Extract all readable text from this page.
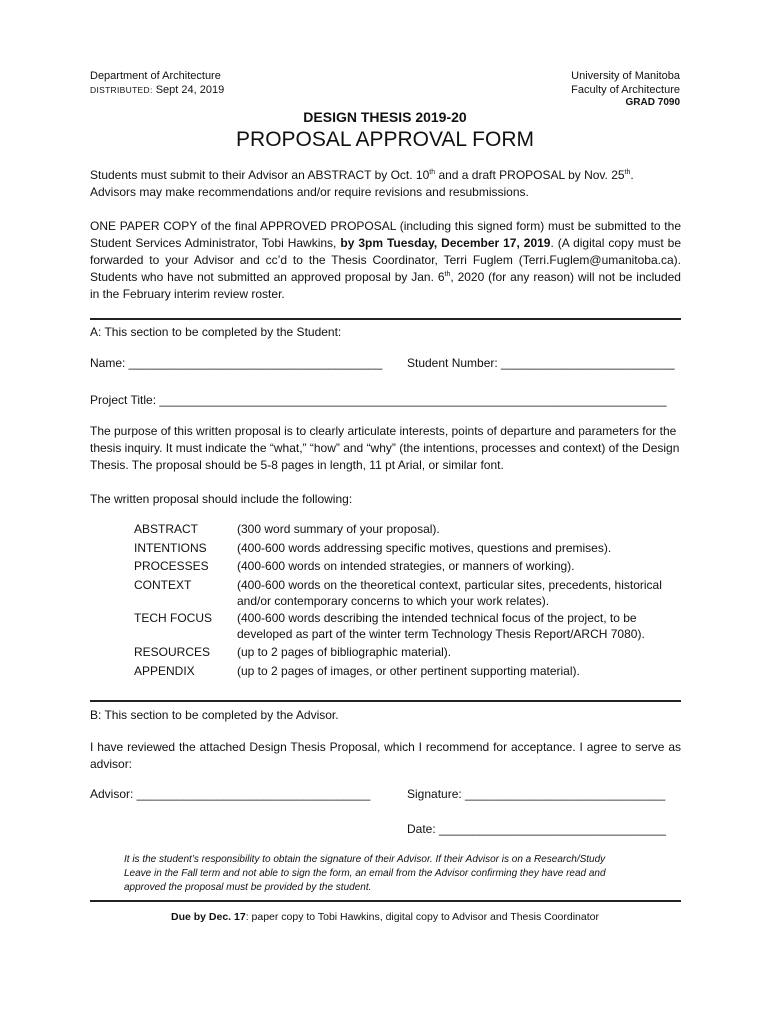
Department of Architecture
DISTRIBUTED: Sept 24, 2019
University of Manitoba
Faculty of Architecture
GRAD 7090
DESIGN THESIS 2019-20
PROPOSAL APPROVAL FORM
Students must submit to their Advisor an ABSTRACT by Oct. 10th and a draft PROPOSAL by Nov. 25th.
Advisors may make recommendations and/or require revisions and resubmissions.
ONE PAPER COPY of the final APPROVED PROPOSAL (including this signed form) must be submitted to the Student Services Administrator, Tobi Hawkins, by 3pm Tuesday, December 17, 2019. (A digital copy must be forwarded to your Advisor and cc’d to the Thesis Coordinator, Terri Fuglem (Terri.Fuglem@umanitoba.ca). Students who have not submitted an approved proposal by Jan. 6th, 2020 (for any reason) will not be included in the February interim review roster.
A: This section to be completed by the Student:
Name: ______________________________________ Student Number: __________________________
Project Title: ____________________________________________________________________________
The purpose of this written proposal is to clearly articulate interests, points of departure and parameters for the thesis inquiry. It must indicate the “what,” “how” and “why” (the intentions, processes and context) of the Design Thesis. The proposal should be 5-8 pages in length, 11 pt Arial, or similar font.
The written proposal should include the following:
ABSTRACT	(300 word summary of your proposal).
INTENTIONS	(400-600 words addressing specific motives, questions and premises).
PROCESSES	(400-600 words on intended strategies, or manners of working).
CONTEXT	(400-600 words on the theoretical context, particular sites, precedents, historical and/or contemporary concerns to which your work relates).
TECH FOCUS	(400-600 words describing the intended technical focus of the project, to be developed as part of the winter term Technology Thesis Report/ARCH 7080).
RESOURCES	(up to 2 pages of bibliographic material).
APPENDIX	(up to 2 pages of images, or other pertinent supporting material).
B: This section to be completed by the Advisor.
I have reviewed the attached Design Thesis Proposal, which I recommend for acceptance. I agree to serve as advisor:
Advisor: ___________________________________	Signature: ______________________________
Date: __________________________________
It is the student’s responsibility to obtain the signature of their Advisor. If their Advisor is on a Research/Study Leave in the Fall term and not able to sign the form, an email from the Advisor confirming they have read and approved the proposal must be provided by the student.
Due by Dec. 17: paper copy to Tobi Hawkins, digital copy to Advisor and Thesis Coordinator
